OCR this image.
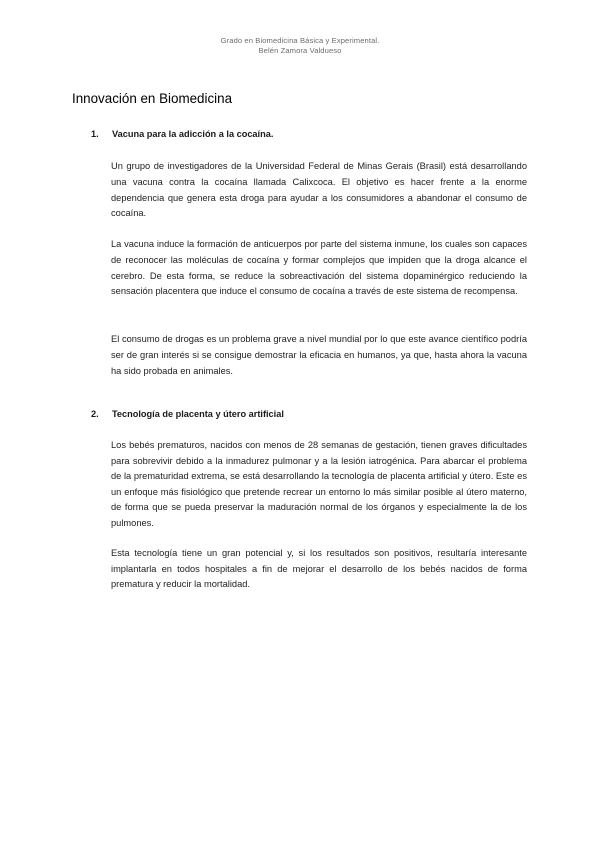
Grado en Biomedicina Básica y Experimental.
Belén Zamora Valdueso
Innovación en Biomedicina
1.	Vacuna para la adicción a la cocaína.

Un grupo de investigadores de la Universidad Federal de Minas Gerais (Brasil) está desarrollando una vacuna contra la cocaína llamada Calixcoca. El objetivo es hacer frente a la enorme dependencia que genera esta droga para ayudar a los consumidores a abandonar el consumo de cocaína.

La vacuna induce la formación de anticuerpos por parte del sistema inmune, los cuales son capaces de reconocer las moléculas de cocaína y formar complejos que impiden que la droga alcance el cerebro. De esta forma, se reduce la sobreactivación del sistema dopaminérgico reduciendo la sensación placentera que induce el consumo de cocaína a través de este sistema de recompensa.

El consumo de drogas es un problema grave a nivel mundial por lo que este avance científico podría ser de gran interés si se consigue demostrar la eficacia en humanos, ya que, hasta ahora la vacuna ha sido probada en animales.

2.	Tecnología de placenta y útero artificial

Los bebés prematuros, nacidos con menos de 28 semanas de gestación, tienen graves dificultades para sobrevivir debido a la inmadurez pulmonar y a la lesión iatrogénica. Para abarcar el problema de la prematuridad extrema, se está desarrollando la tecnología de placenta artificial y útero. Este es un enfoque más fisiológico que pretende recrear un entorno lo más similar posible al útero materno, de forma que se pueda preservar la maduración normal de los órganos y especialmente la de los pulmones.

Esta tecnología tiene un gran potencial y, si los resultados son positivos, resultaría interesante implantarla en todos hospitales a fin de mejorar el desarrollo de los bebés nacidos de forma prematura y reducir la mortalidad.
